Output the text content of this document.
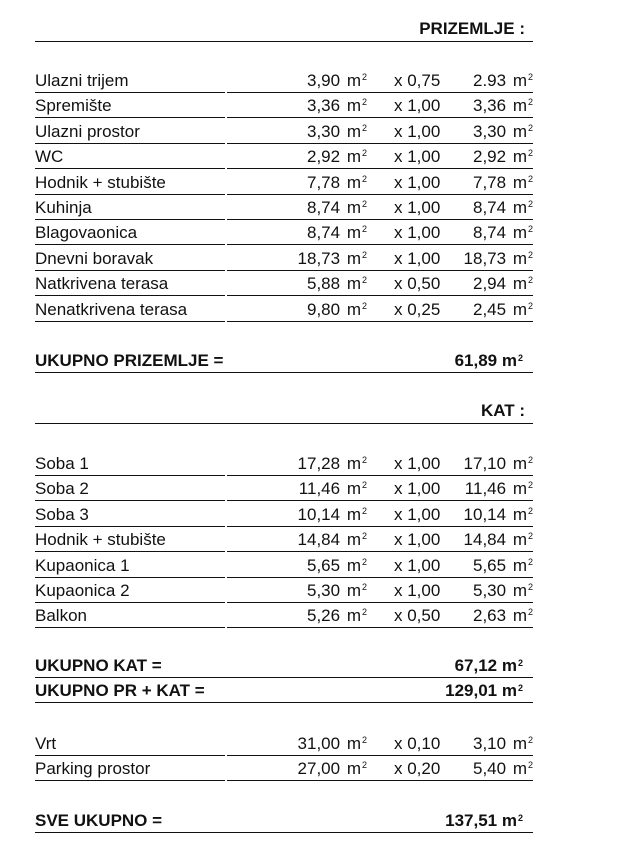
PRIZEMLJE :
Ulazni trijem	3,90 $m^2$ x 0,75	2.93 $m^2$
Spremište	3,36 $m^2$ x 1,00	3,36 $m^2$
Ulazni prostor	3,30 $m^2$ x 1,00	3,30 $m^2$
WC	2,92 $m^2$ x 1,00	2,92 $m^2$
Hodnik + stubište	7,78 $m^2$ x 1,00	7,78 $m^2$
Kuhinja	8,74 $m^2$ x 1,00	8,74 $m^2$
Blagovaonica	8,74 $m^2$ x 1,00	8,74 $m^2$
Dnevni boravak	18,73 $m^2$ x 1,00	18,73 $m^2$
Natkrivena terasa	5,88 $m^2$ x 0,50	2,94 $m^2$
Nenatkrivena terasa	9,80 $m^2$ x 0,25	2,45 $m^2$
UKUPNO PRIZEMLJE =	61,89 $m^2$
KAT :
Soba 1	17,28 $m^2$ x 1,00	17,10 $m^2$
Soba 2	11,46 $m^2$ x 1,00	11,46 $m^2$
Soba 3	10,14 $m^2$ x 1,00	10,14 $m^2$
Hodnik + stubište	14,84 $m^2$ x 1,00	14,84 $m^2$
Kupaonica 1	5,65 $m^2$ x 1,00	5,65 $m^2$
Kupaonica 2	5,30 $m^2$ x 1,00	5,30 $m^2$
Balkon	5,26 $m^2$ x 0,50	2,63 $m^2$
UKUPNO KAT =	67,12 $m^2$
UKUPNO PR + KAT =	129,01 $m^2$
Vrt	31,00 $m^2$ x 0,10	3,10 $m^2$
Parking prostor	27,00 $m^2$ x 0,20	5,40 $m^2$
SVE UKUPNO =	137,51 $m^2$
